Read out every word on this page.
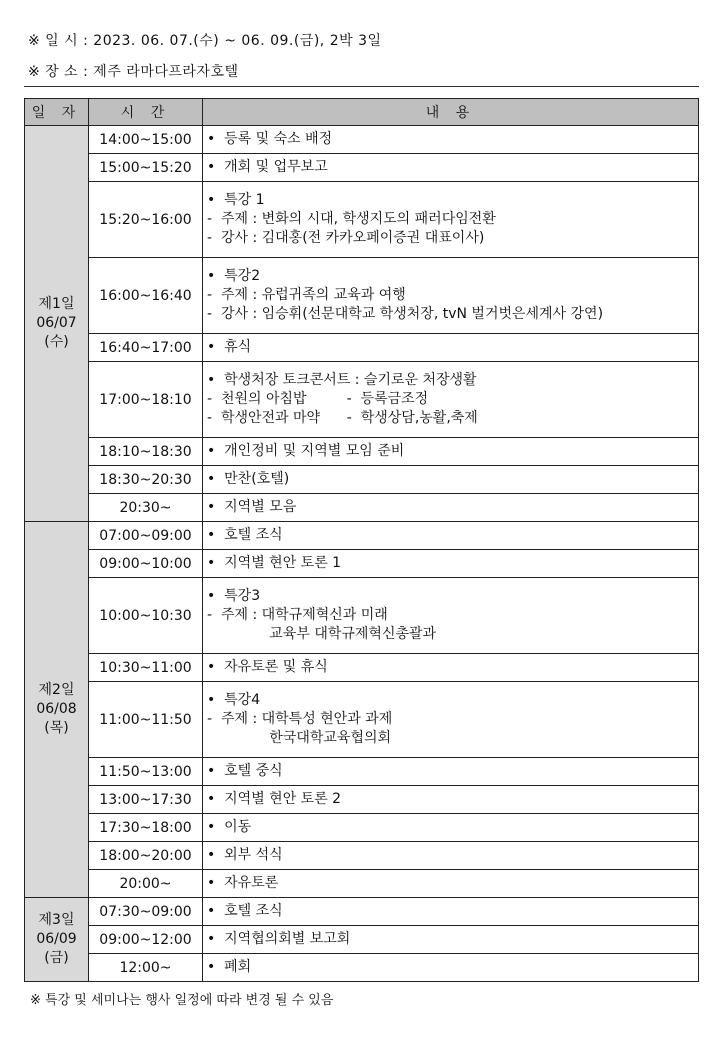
※ 일 시 : 2023. 06. 07.(수) ~ 06. 09.(금), 2박 3일
※ 장 소 : 제주 라마다프라자호텔
일 자	시 간	내 용

제1일
06/07
(수)	14:00~15:00	•  등록 및 숙소 배정

	15:00~15:20	•  개회 및 업무보고

	15:20~16:00	•  특강 1
-  주제 : 변화의 시대, 학생지도의 패러다임전환
-  강사 : 김대홍(전 카카오페이증권 대표이사)

	16:00~16:40	•  특강2
-  주제 : 유럽귀족의 교육과 여행
-  강사 : 임승휘(선문대학교 학생처장, tvN 벌거벗은세계사 강연)

	16:40~17:00	•  휴식

	17:00~18:10	•  학생처장 토크콘서트 : 슬기로운 처장생활
-  천원의 아침밥         -  등록금조정
-  학생안전과 마약      -  학생상담,농활,축제

	18:10~18:30	•  개인정비 및 지역별 모임 준비

	18:30~20:30	•  만찬(호텔)

	20:30~	•  지역별 모음

제2일
06/08
(목)	07:00~09:00	•  호텔 조식

	09:00~10:00	•  지역별 현안 토론 1

	10:00~10:30	•  특강3
-  주제 : 대학규제혁신과 미래
교육부 대학규제혁신총괄과

	10:30~11:00	•  자유토론 및 휴식

	11:00~11:50	•  특강4
-  주제 : 대학특성 현안과 과제
한국대학교육협의회

	11:50~13:00	•  호텔 중식

	13:00~17:30	•  지역별 현안 토론 2

	17:30~18:00	•  이동

	18:00~20:00	•  외부 석식

	20:00~	•  자유토론

제3일
06/09
(금)	07:30~09:00	•  호텔 조식

	09:00~12:00	•  지역협의회별 보고회

	12:00~	•  폐회
※ 특강 및 세미나는 행사 일정에 따라 변경 될 수 있음
